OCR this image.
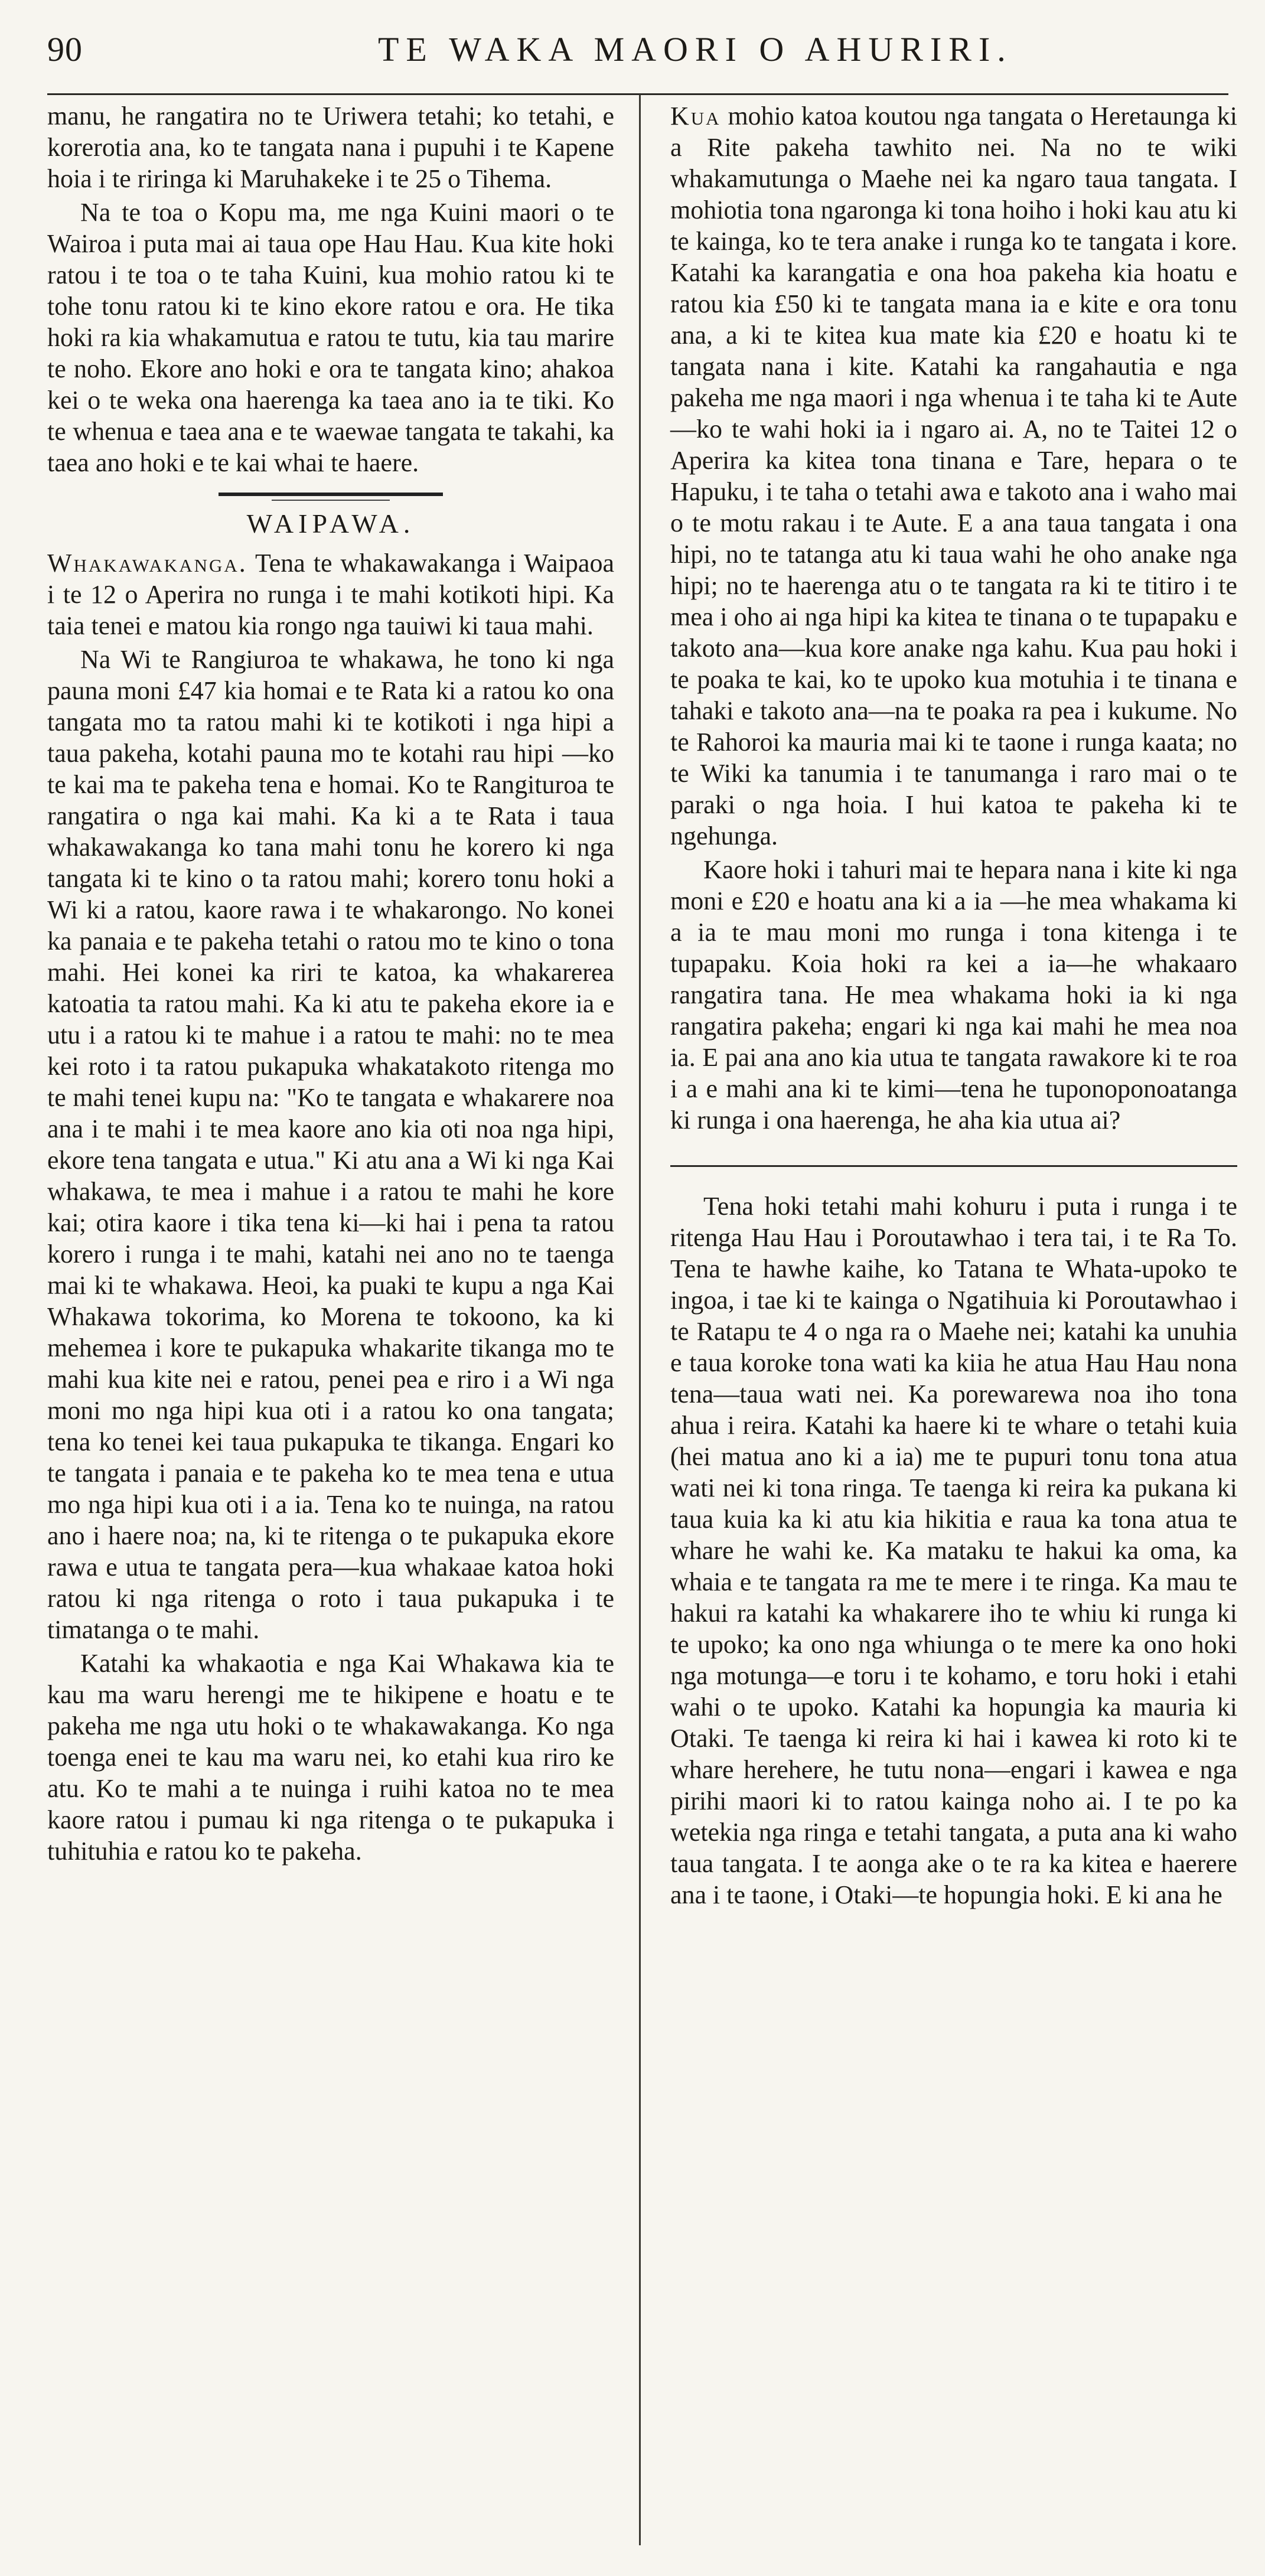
90	TE WAKA MAORI O AHURIRI.

manu, he rangatira no te Uriwera tetahi; ko tetahi, e korerotia ana, ko te tangata nana i pupuhi i te Kapene hoia i te riringa ki Maruhakeke i te 25 o Tihema.

Na te toa o Kopu ma, me nga Kuini maori o te Wairoa i puta mai ai taua ope Hau Hau. Kua kite hoki ratou i te toa o te taha Kuini, kua mohio ratou ki te tohe tonu ratou ki te kino ekore ratou e ora. He tika hoki ra kia whakamutua e ratou te tutu, kia tau marire te noho. Ekore ano hoki e ora te tangata kino; ahakoa kei o te weka ona haerenga ka taea ano ia te tiki. Ko te whenua e taea ana e te waewae tangata te takahi, ka taea ano hoki e te kai whai te haere.

WAIPAWA.

Whakawakanga. Tena te whakawakanga i Waipaoa i te 12 o Aperira no runga i te mahi kotikoti hipi. Ka taia tenei e matou kia rongo nga tauiwi ki taua mahi.

Na Wi te Rangiuroa te whakawa, he tono ki nga pauna moni £47 kia homai e te Rata ki a ratou ko ona tangata mo ta ratou mahi ki te kotikoti i nga hipi a taua pakeha, kotahi pauna mo te kotahi rau hipi —ko te kai ma te pakeha tena e homai. Ko te Rangituroa te rangatira o nga kai mahi. Ka ki a te Rata i taua whakawakanga ko tana mahi tonu he korero ki nga tangata ki te kino o ta ratou mahi; korero tonu hoki a Wi ki a ratou, kaore rawa i te whakarongo. No konei ka panaia e te pakeha tetahi o ratou mo te kino o tona mahi. Hei konei ka riri te katoa, ka whakarerea katoatia ta ratou mahi. Ka ki atu te pakeha ekore ia e utu i a ratou ki te mahue i a ratou te mahi: no te mea kei roto i ta ratou pukapuka whakatakoto ritenga mo te mahi tenei kupu na: "Ko te tangata e whakarere noa ana i te mahi i te mea kaore ano kia oti noa nga hipi, ekore tena tangata e utua." Ki atu ana a Wi ki nga Kai whakawa, te mea i mahue i a ratou te mahi he kore kai; otira kaore i tika tena ki—ki hai i pena ta ratou korero i runga i te mahi, katahi nei ano no te taenga mai ki te whakawa. Heoi, ka puaki te kupu a nga Kai Whakawa tokorima, ko Morena te tokoono, ka ki mehemea i kore te pukapuka whakarite tikanga mo te mahi kua kite nei e ratou, penei pea e riro i a Wi nga moni mo nga hipi kua oti i a ratou ko ona tangata; tena ko tenei kei taua pukapuka te tikanga. Engari ko te tangata i panaia e te pakeha ko te mea tena e utua mo nga hipi kua oti i a ia. Tena ko te nuinga, na ratou ano i haere noa; na, ki te ritenga o te pukapuka ekore rawa e utua te tangata pera—kua whakaae katoa hoki ratou ki nga ritenga o roto i taua pukapuka i te timatanga o te mahi.

Katahi ka whakaotia e nga Kai Whakawa kia te kau ma waru herengi me te hikipene e hoatu e te pakeha me nga utu hoki o te whakawakanga. Ko nga toenga enei te kau ma waru nei, ko etahi kua riro ke atu. Ko te mahi a te nuinga i ruihi katoa no te mea kaore ratou i pumau ki nga ritenga o te pukapuka i tuhituhia e ratou ko te pakeha.

Kua mohio katoa koutou nga tangata o Heretaunga ki a Rite pakeha tawhito nei. Na no te wiki whakamutunga o Maehe nei ka ngaro taua tangata. I mohiotia tona ngaronga ki tona hoiho i hoki kau atu ki te kainga, ko te tera anake i runga ko te tangata i kore. Katahi ka karangatia e ona hoa pakeha kia hoatu e ratou kia £50 ki te tangata mana ia e kite e ora tonu ana, a ki te kitea kua mate kia £20 e hoatu ki te tangata nana i kite. Katahi ka rangahautia e nga pakeha me nga maori i nga whenua i te taha ki te Aute—ko te wahi hoki ia i ngaro ai. A, no te Taitei 12 o Aperira ka kitea tona tinana e Tare, hepara o te Hapuku, i te taha o tetahi awa e takoto ana i waho mai o te motu rakau i te Aute. E a ana taua tangata i ona hipi, no te tatanga atu ki taua wahi he oho anake nga hipi; no te haerenga atu o te tangata ra ki te titiro i te mea i oho ai nga hipi ka kitea te tinana o te tupapaku e takoto ana—kua kore anake nga kahu. Kua pau hoki i te poaka te kai, ko te upoko kua motuhia i te tinana e tahaki e takoto ana—na te poaka ra pea i kukume. No te Rahoroi ka mauria mai ki te taone i runga kaata; no te Wiki ka tanumia i te tanumanga i raro mai o te paraki o nga hoia. I hui katoa te pakeha ki te ngehunga.

Kaore hoki i tahuri mai te hepara nana i kite ki nga moni e £20 e hoatu ana ki a ia —he mea whakama ki a ia te mau moni mo runga i tona kitenga i te tupapaku. Koia hoki ra kei a ia—he whakaaro rangatira tana. He mea whakama hoki ia ki nga rangatira pakeha; engari ki nga kai mahi he mea noa ia. E pai ana ano kia utua te tangata rawakore ki te roa i a e mahi ana ki te kimi—tena he tuponoponoatanga ki runga i ona haerenga, he aha kia utua ai?

Tena hoki tetahi mahi kohuru i puta i runga i te ritenga Hau Hau i Poroutawhao i tera tai, i te Ra To. Tena te hawhe kaihe, ko Tatana te Whata-upoko te ingoa, i tae ki te kainga o Ngatihuia ki Poroutawhao i te Ratapu te 4 o nga ra o Maehe nei; katahi ka unuhia e taua koroke tona wati ka kiia he atua Hau Hau nona tena—taua wati nei. Ka porewarewa noa iho tona ahua i reira. Katahi ka haere ki te whare o tetahi kuia (hei matua ano ki a ia) me te pupuri tonu tona atua wati nei ki tona ringa. Te taenga ki reira ka pukana ki taua kuia ka ki atu kia hikitia e raua ka tona atua te whare he wahi ke. Ka mataku te hakui ka oma, ka whaia e te tangata ra me te mere i te ringa. Ka mau te hakui ra katahi ka whakarere iho te whiu ki runga ki te upoko; ka ono nga whiunga o te mere ka ono hoki nga motunga—e toru i te kohamo, e toru hoki i etahi wahi o te upoko. Katahi ka hopungia ka mauria ki Otaki. Te taenga ki reira ki hai i kawea ki roto ki te whare herehere, he tutu nona—engari i kawea e nga pirihi maori ki to ratou kainga noho ai. I te po ka wetekia nga ringa e tetahi tangata, a puta ana ki waho taua tangata. I te aonga ake o te ra ka kitea e haerere ana i te taone, i Otaki—te hopungia hoki. E ki ana he
